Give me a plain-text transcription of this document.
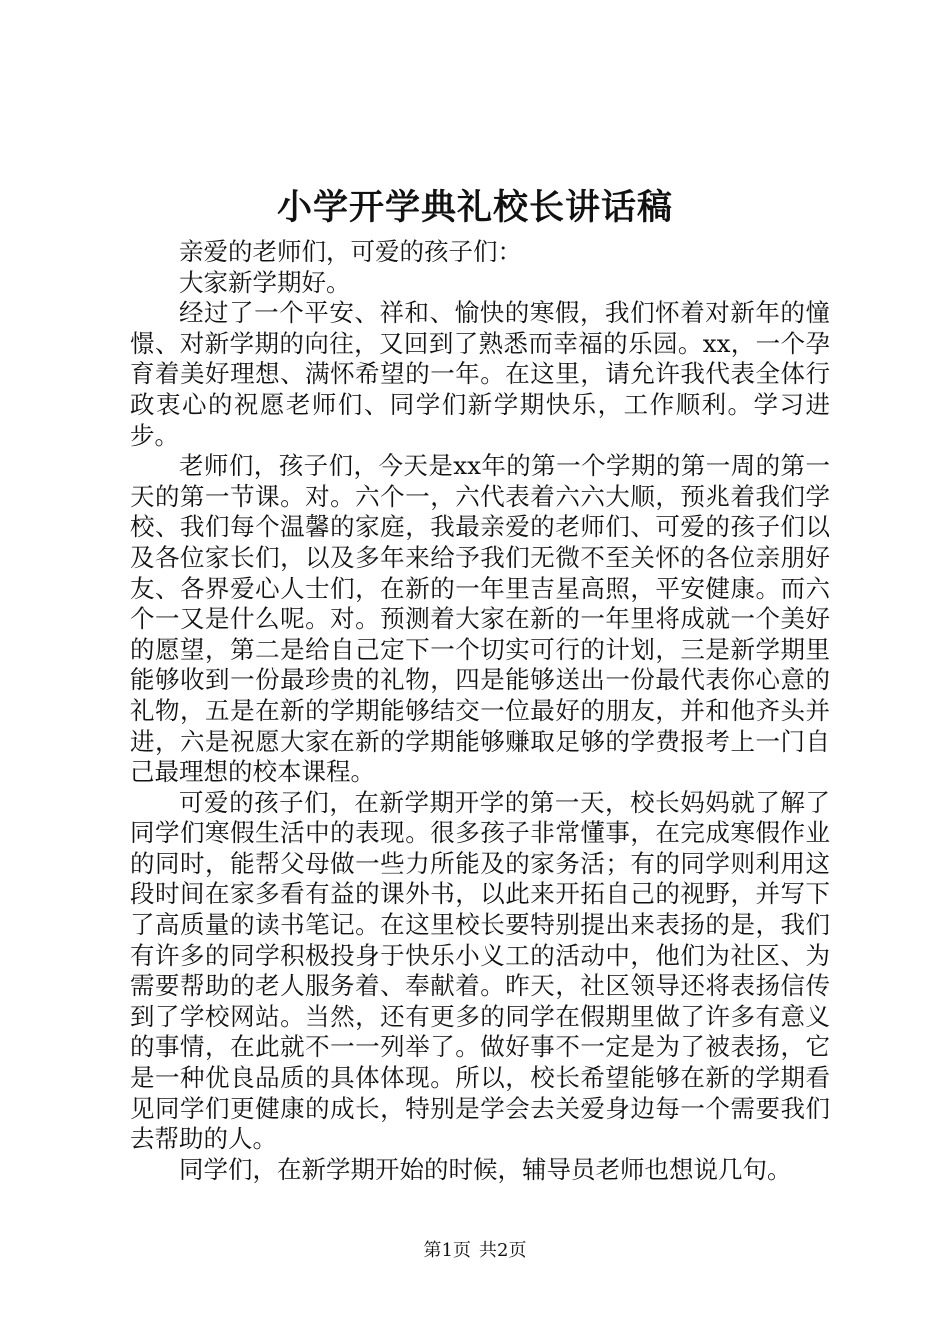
小学开学典礼校长讲话稿

亲爱的老师们，可爱的孩子们：

大家新学期好。

经过了一个平安、祥和、愉快的寒假，我们怀着对新年的憧憬、对新学期的向往，又回到了熟悉而幸福的乐园。xx，一个孕育着美好理想、满怀希望的一年。在这里，请允许我代表全体行政衷心的祝愿老师们、同学们新学期快乐，工作顺利。学习进步。

老师们，孩子们，今天是xx年的第一个学期的第一周的第一天的第一节课。对。六个一，六代表着六六大顺，预兆着我们学校、我们每个温馨的家庭，我最亲爱的老师们、可爱的孩子们以及各位家长们，以及多年来给予我们无微不至关怀的各位亲朋好友、各界爱心人士们，在新的一年里吉星高照，平安健康。而六个一又是什么呢。对。预测着大家在新的一年里将成就一个美好的愿望，第二是给自己定下一个切实可行的计划，三是新学期里能够收到一份最珍贵的礼物，四是能够送出一份最代表你心意的礼物，五是在新的学期能够结交一位最好的朋友，并和他齐头并进，六是祝愿大家在新的学期能够赚取足够的学费报考上一门自己最理想的校本课程。

可爱的孩子们，在新学期开学的第一天，校长妈妈就了解了同学们寒假生活中的表现。很多孩子非常懂事，在完成寒假作业的同时，能帮父母做一些力所能及的家务活；有的同学则利用这段时间在家多看有益的课外书，以此来开拓自己的视野，并写下了高质量的读书笔记。在这里校长要特别提出来表扬的是，我们有许多的同学积极投身于快乐小义工的活动中，他们为社区、为需要帮助的老人服务着、奉献着。昨天，社区领导还将表扬信传到了学校网站。当然，还有更多的同学在假期里做了许多有意义的事情，在此就不一一列举了。做好事不一定是为了被表扬，它是一种优良品质的具体体现。所以，校长希望能够在新的学期看见同学们更健康的成长，特别是学会去关爱身边每一个需要我们去帮助的人。

同学们，在新学期开始的时候，辅导员老师也想说几句。

第1页 共2页
